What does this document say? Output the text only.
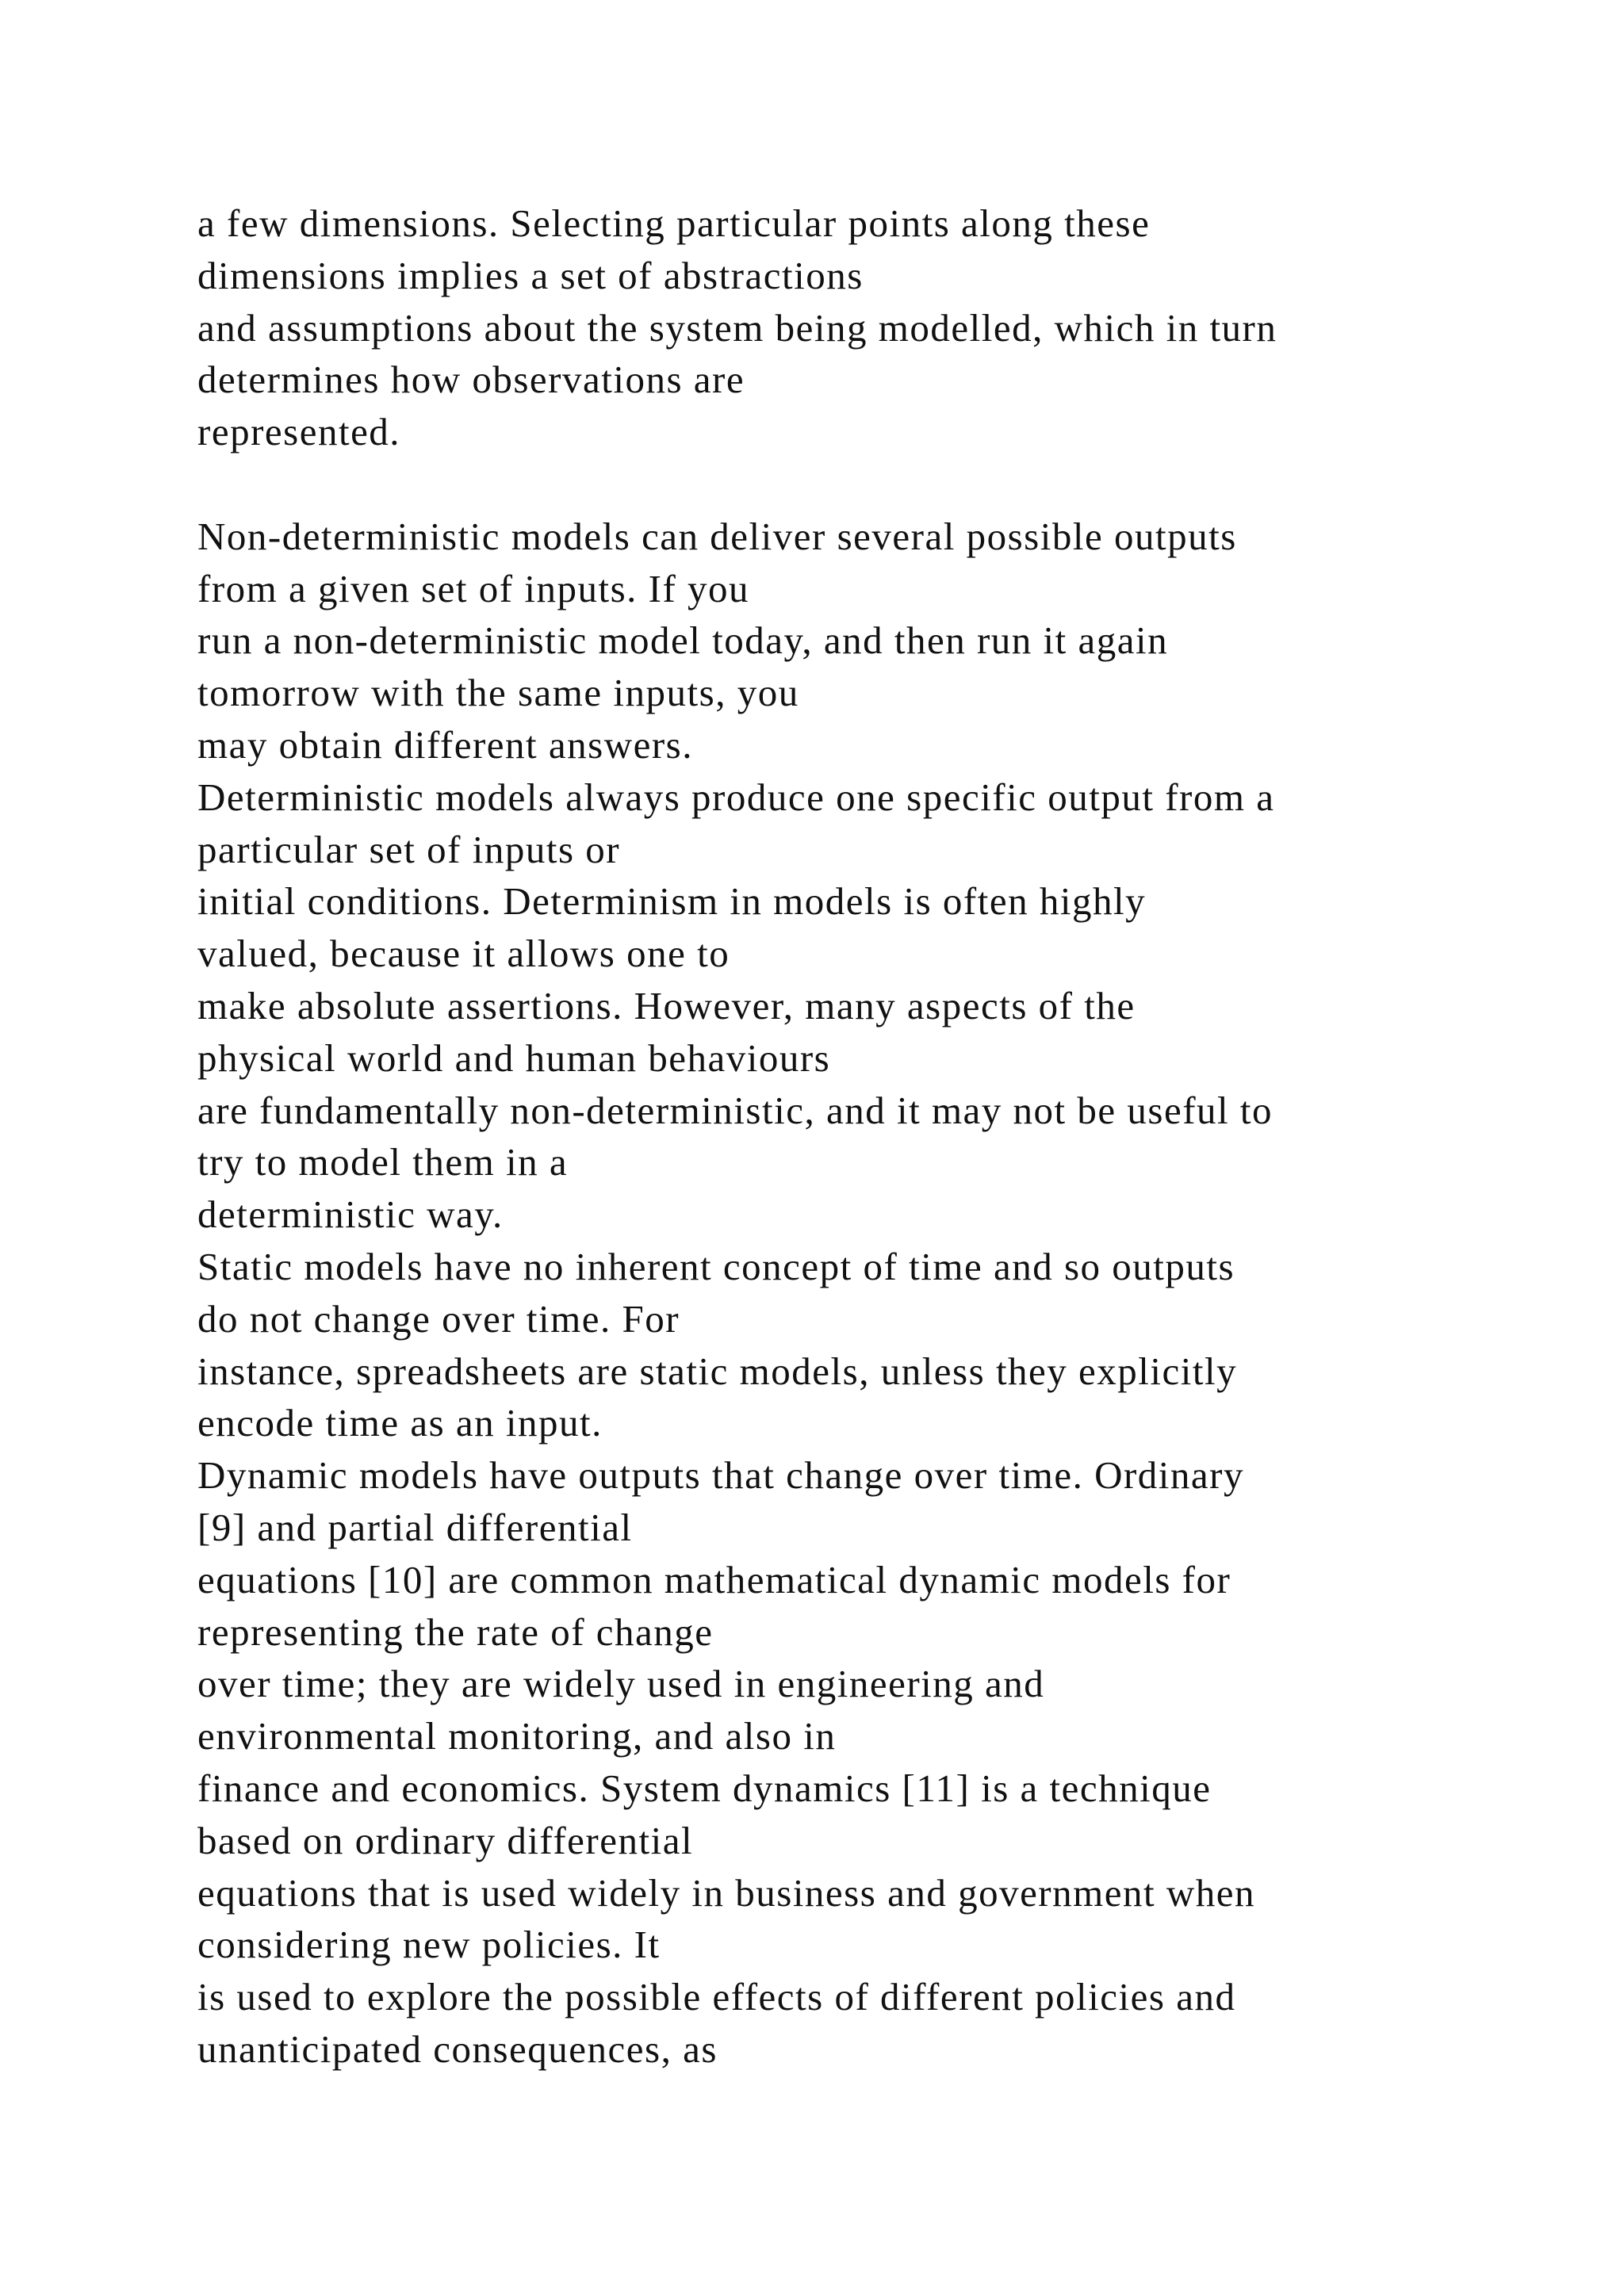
a few dimensions. Selecting particular points along these
dimensions implies a set of abstractions
and assumptions about the system being modelled, which in turn
determines how observations are
represented.
Non-deterministic models can deliver several possible outputs
from a given set of inputs. If you
run a non-deterministic model today, and then run it again
tomorrow with the same inputs, you
may obtain different answers.
Deterministic models always produce one specific output from a
particular set of inputs or
initial conditions. Determinism in models is often highly
valued, because it allows one to
make absolute assertions. However, many aspects of the
physical world and human behaviours
are fundamentally non-deterministic, and it may not be useful to
try to model them in a
deterministic way.
Static models have no inherent concept of time and so outputs
do not change over time. For
instance, spreadsheets are static models, unless they explicitly
encode time as an input.
Dynamic models have outputs that change over time. Ordinary
[9] and partial differential
equations [10] are common mathematical dynamic models for
representing the rate of change
over time; they are widely used in engineering and
environmental monitoring, and also in
finance and economics. System dynamics [11] is a technique
based on ordinary differential
equations that is used widely in business and government when
considering new policies. It
is used to explore the possible effects of different policies and
unanticipated consequences, as
